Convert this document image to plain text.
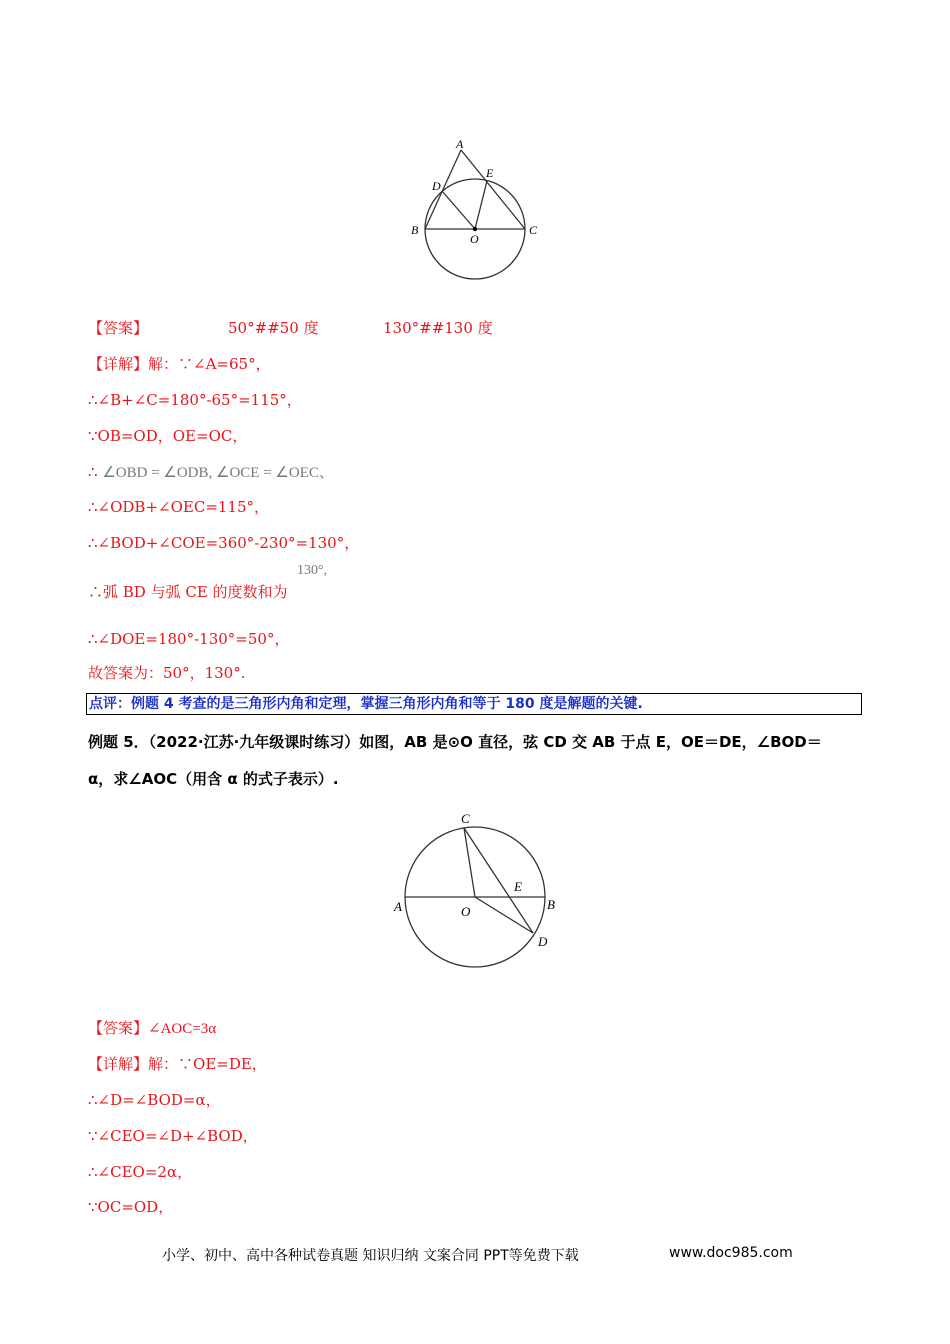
A
D
E
B
O
C
【答案】	50°##50 度	130°##130 度
【详解】解：∵∠A=65°，
∴∠B+∠C=180°-65°=115°，
∵OB=OD，OE=OC，
∴ ∠OBD = ∠ODB, ∠OCE = ∠OEC、
∴∠ODB+∠OEC=115°，
∴∠BOD+∠COE=360°-230°=130°，
130°,
∴弧 BD 与弧 CE 的度数和为
∴∠DOE=180°-130°=50°，
故答案为：50°，130°.
点评：例题 4 考查的是三角形内角和定理，掌握三角形内角和等于 180 度是解题的关键.
例题 5．（2022·江苏·九年级课时练习）如图，AB 是⊙O 直径，弦 CD 交 AB 于点 E，OE＝DE，∠BOD＝
α，求∠AOC（用含 α 的式子表示）.
C
E
A	O	B
D
【答案】∠AOC=3α
【详解】解：∵OE=DE，
∴∠D=∠BOD=α，
∵∠CEO=∠D+∠BOD，
∴∠CEO=2α，
∵OC=OD，
小学、初中、高中各种试卷真题 知识归纳 文案合同 PPT等免费下载	www.doc985.com
